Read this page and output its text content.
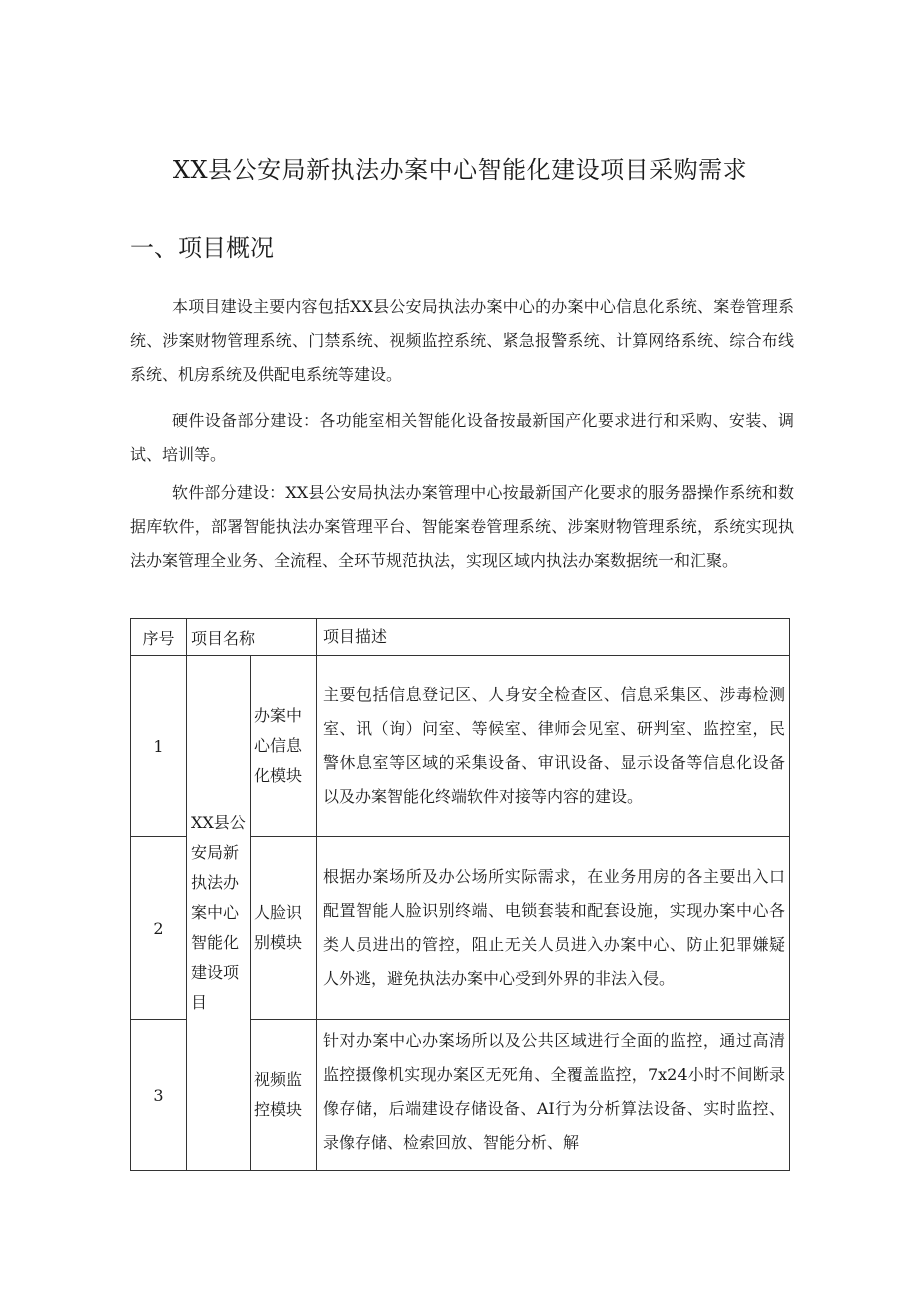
XX县公安局新执法办案中心智能化建设项目采购需求
一、项目概况
本项目建设主要内容包括XX县公安局执法办案中心的办案中心信息化系统、案卷管理系统、涉案财物管理系统、门禁系统、视频监控系统、紧急报警系统、计算网络系统、综合布线系统、机房系统及供配电系统等建设。
硬件设备部分建设：各功能室相关智能化设备按最新国产化要求进行和采购、安装、调试、培训等。
软件部分建设：XX县公安局执法办案管理中心按最新国产化要求的服务器操作系统和数据库软件，部署智能执法办案管理平台、智能案卷管理系统、涉案财物管理系统，系统实现执法办案管理全业务、全流程、全环节规范执法，实现区域内执法办案数据统一和汇聚。
序号	项目名称		项目描述
1	XX县公安局新执法办案中心智能化建设项目	办案中心信息化模块	主要包括信息登记区、人身安全检查区、信息采集区、涉毒检测室、讯（询）问室、等候室、律师会见室、研判室、监控室，民警休息室等区域的采集设备、审讯设备、显示设备等信息化设备以及办案智能化终端软件对接等内容的建设。
2		人脸识别模块	根据办案场所及办公场所实际需求，在业务用房的各主要出入口配置智能人脸识别终端、电锁套装和配套设施，实现办案中心各类人员进出的管控，阻止无关人员进入办案中心、防止犯罪嫌疑人外逃，避免执法办案中心受到外界的非法入侵。
3		视频监控模块	针对办案中心办案场所以及公共区域进行全面的监控，通过高清监控摄像机实现办案区无死角、全覆盖监控，7x24小时不间断录像存储，后端建设存储设备、AI行为分析算法设备、实时监控、录像存储、检索回放、智能分析、解
